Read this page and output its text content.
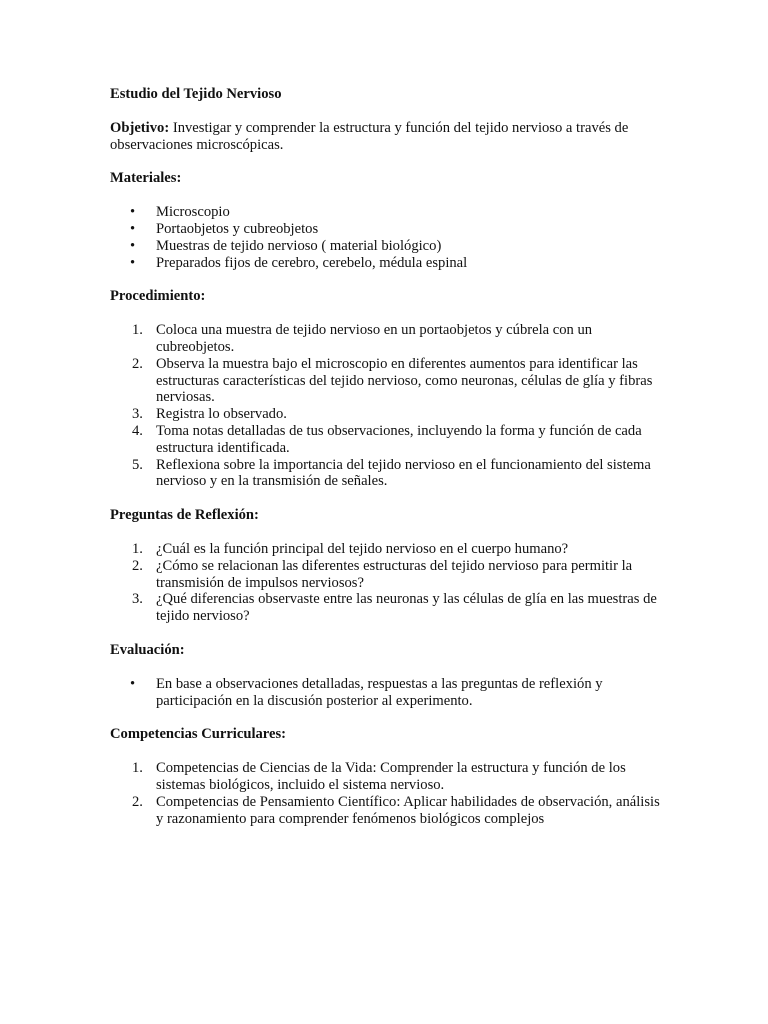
Estudio del Tejido Nervioso
Objetivo: Investigar y comprender la estructura y función del tejido nervioso a través de observaciones microscópicas.
Materiales:
• Microscopio
• Portaobjetos y cubreobjetos
• Muestras de tejido nervioso ( material biológico)
• Preparados fijos de cerebro, cerebelo, médula espinal
Procedimiento:
1. Coloca una muestra de tejido nervioso en un portaobjetos y cúbrela con un cubreobjetos.
2. Observa la muestra bajo el microscopio en diferentes aumentos para identificar las estructuras características del tejido nervioso, como neuronas, células de glía y fibras nerviosas.
3. Registra lo observado.
4. Toma notas detalladas de tus observaciones, incluyendo la forma y función de cada estructura identificada.
5. Reflexiona sobre la importancia del tejido nervioso en el funcionamiento del sistema nervioso y en la transmisión de señales.
Preguntas de Reflexión:
1. ¿Cuál es la función principal del tejido nervioso en el cuerpo humano?
2. ¿Cómo se relacionan las diferentes estructuras del tejido nervioso para permitir la transmisión de impulsos nerviosos?
3. ¿Qué diferencias observaste entre las neuronas y las células de glía en las muestras de tejido nervioso?
Evaluación:
• En base a observaciones detalladas, respuestas a las preguntas de reflexión y participación en la discusión posterior al experimento.
Competencias Curriculares:
1. Competencias de Ciencias de la Vida: Comprender la estructura y función de los sistemas biológicos, incluido el sistema nervioso.
2. Competencias de Pensamiento Científico: Aplicar habilidades de observación, análisis y razonamiento para comprender fenómenos biológicos complejos
